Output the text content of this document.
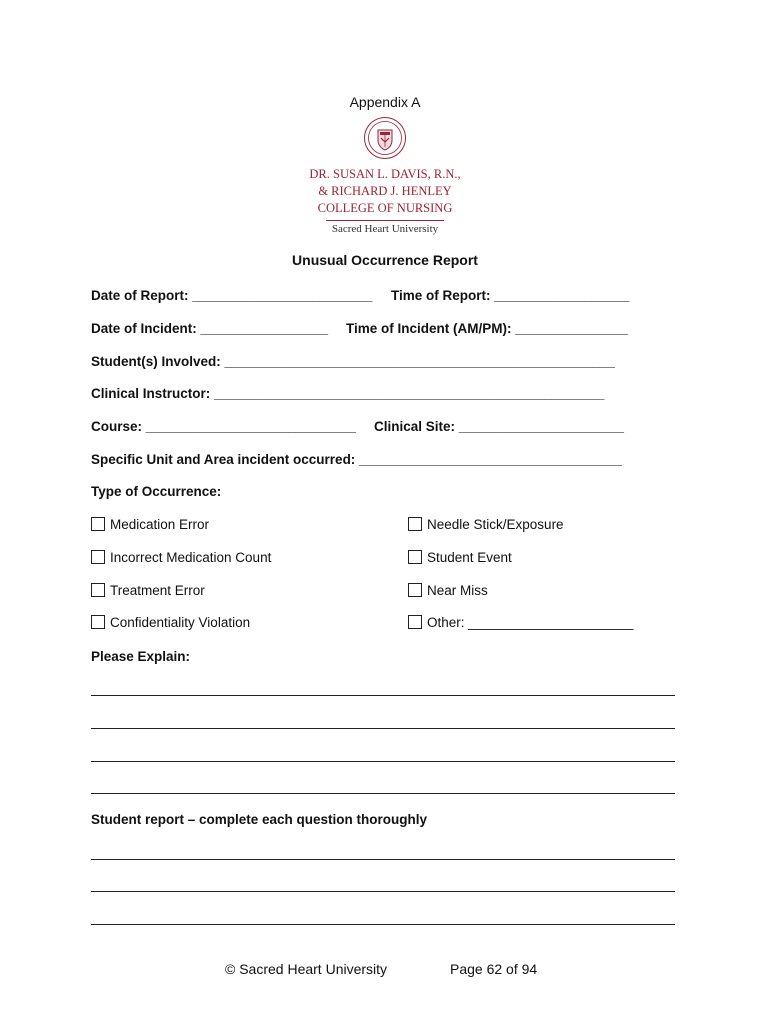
Appendix A
DR. SUSAN L. DAVIS, R.N.,
& RICHARD J. HENLEY
COLLEGE OF NURSING
Sacred Heart University
Unusual Occurrence Report
Date of Report: ________________________ Time of Report: __________________
Date of Incident: _________________ Time of Incident (AM/PM): _______________
Student(s) Involved: ____________________________________________________
Clinical Instructor: ____________________________________________________
Course: ____________________________ Clinical Site: ______________________
Specific Unit and Area incident occurred: ___________________________________
Type of Occurrence:
Medication Error
Incorrect Medication Count
Treatment Error
Confidentiality Violation
Needle Stick/Exposure
Student Event
Near Miss
Other: ______________________
Please Explain:
Student report – complete each question thoroughly
© Sacred Heart University	Page 62 of 94
